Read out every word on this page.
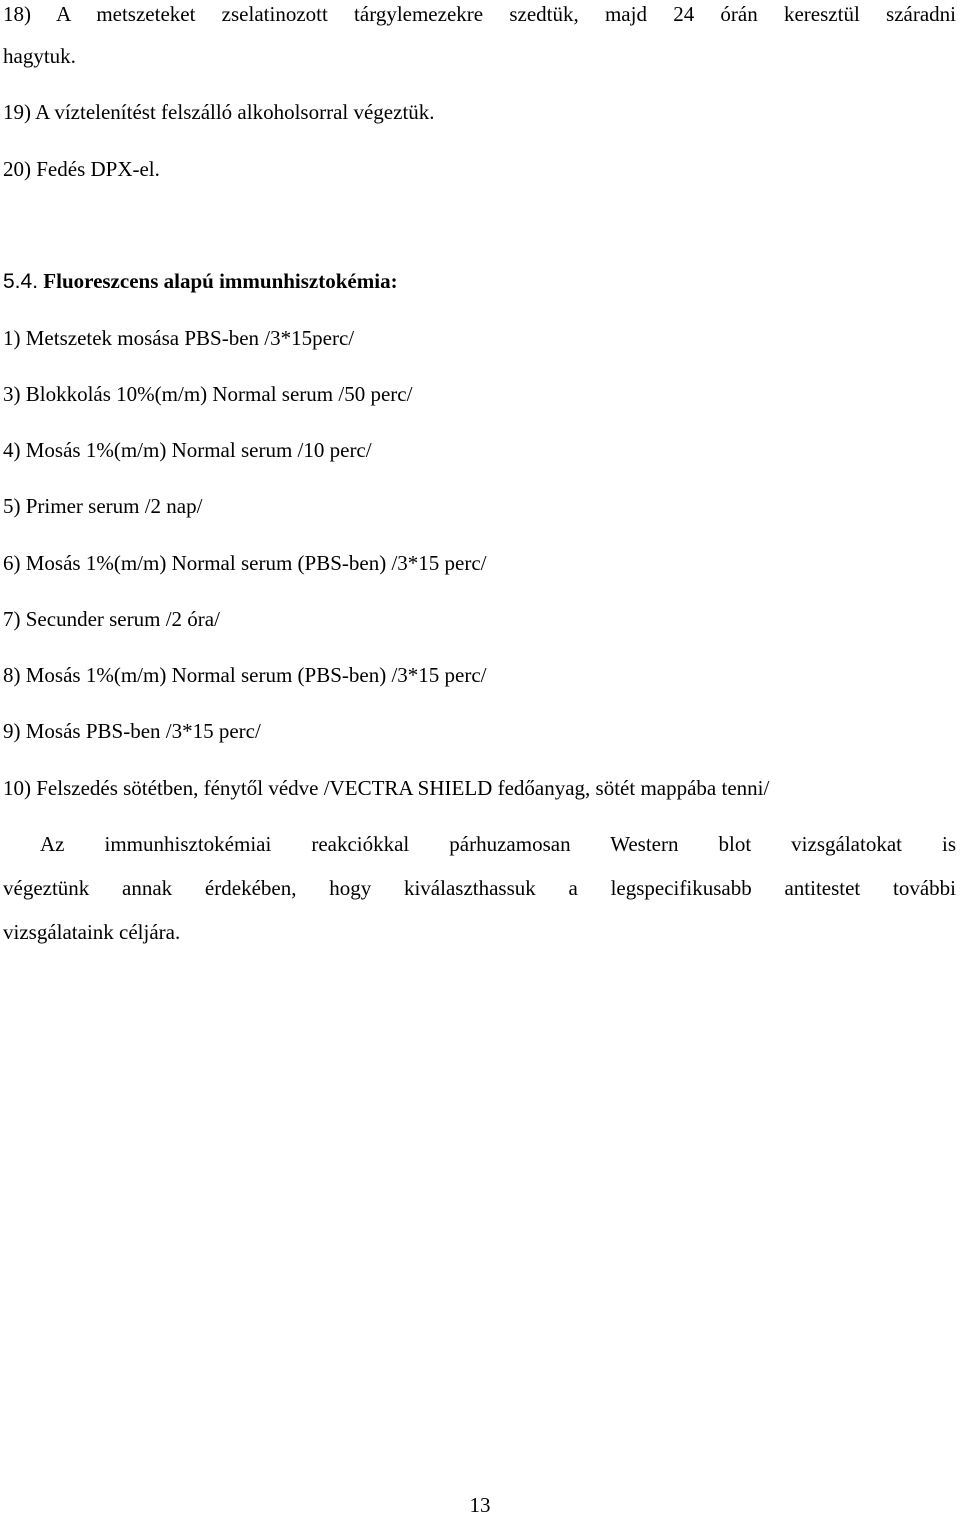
18) A metszeteket zselatinozott tárgylemezekre szedtük, majd 24 órán keresztül száradni
hagytuk.
19) A víztelenítést felszálló alkoholsorral végeztük.
20) Fedés DPX-el.
5.4. Fluoreszcens alapú immunhisztokémia:
1) Metszetek mosása PBS-ben /3*15perc/
3) Blokkolás 10%(m/m) Normal serum /50 perc/
4) Mosás 1%(m/m) Normal serum /10 perc/
5) Primer serum /2 nap/
6) Mosás 1%(m/m) Normal serum (PBS-ben) /3*15 perc/
7) Secunder serum /2 óra/
8) Mosás 1%(m/m) Normal serum (PBS-ben) /3*15 perc/
9) Mosás PBS-ben /3*15 perc/
10) Felszedés sötétben, fénytől védve /VECTRA SHIELD fedőanyag, sötét mappába tenni/
Az immunhisztokémiai reakciókkal párhuzamosan Western blot vizsgálatokat is
végeztünk annak érdekében, hogy kiválaszthassuk a legspecifikusabb antitestet további
vizsgálataink céljára.
13
